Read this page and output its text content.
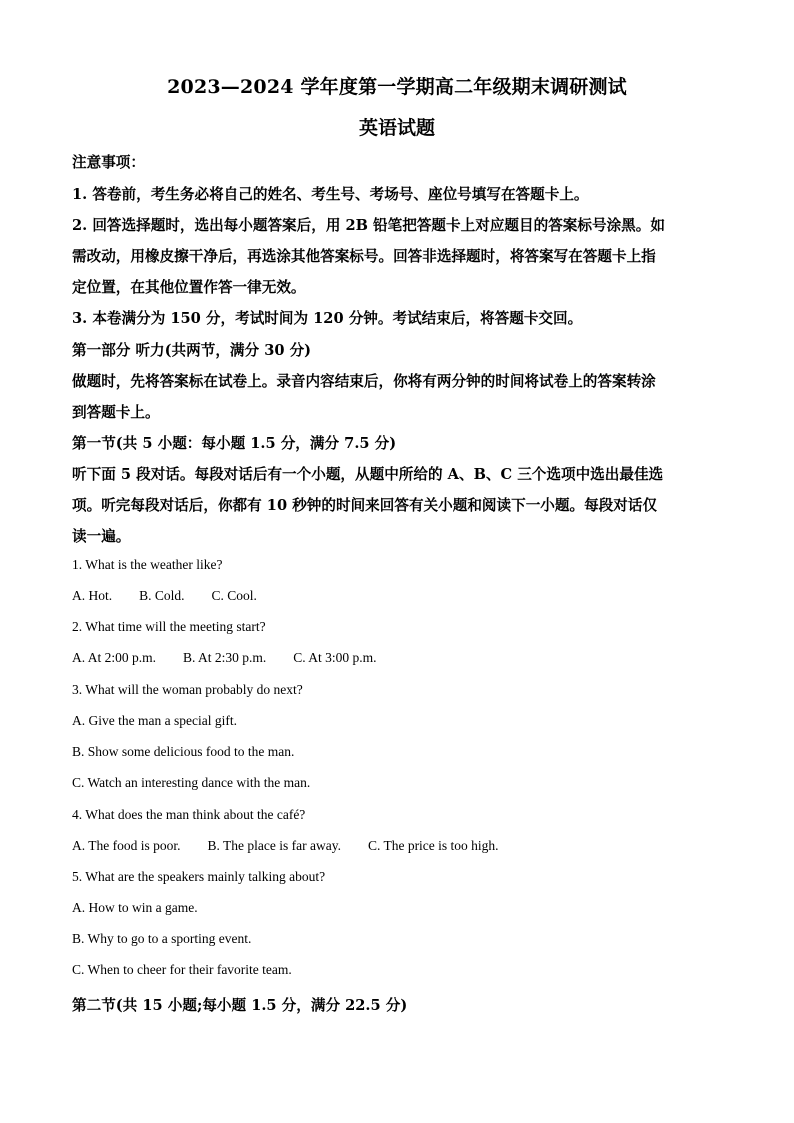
2023—2024 学年度第一学期高二年级期末调研测试
英语试题
注意事项：
1. 答卷前，考生务必将自己的姓名、考生号、考场号、座位号填写在答题卡上。
2. 回答选择题时，选出每小题答案后，用 2B 铅笔把答题卡上对应题目的答案标号涂黑。如
需改动，用橡皮擦干净后，再选涂其他答案标号。回答非选择题时，将答案写在答题卡上指
定位置，在其他位置作答一律无效。
3. 本卷满分为 150 分，考试时间为 120 分钟。考试结束后，将答题卡交回。
第一部分 听力(共两节，满分 30 分)
做题时，先将答案标在试卷上。录音内容结束后，你将有两分钟的时间将试卷上的答案转涂
到答题卡上。
第一节(共 5 小题：每小题 1.5 分，满分 7.5 分)
听下面 5 段对话。每段对话后有一个小题，从题中所给的 A、B、C 三个选项中选出最佳选
项。听完每段对话后，你都有 10 秒钟的时间来回答有关小题和阅读下一小题。每段对话仅
读一遍。
1. What is the weather like?
A. Hot.        B. Cold.        C. Cool.
2. What time will the meeting start?
A. At 2:00 p.m.        B. At 2:30 p.m.        C. At 3:00 p.m.
3. What will the woman probably do next?
A. Give the man a special gift.
B. Show some delicious food to the man.
C. Watch an interesting dance with the man.
4. What does the man think about the café?
A. The food is poor.        B. The place is far away.        C. The price is too high.
5. What are the speakers mainly talking about?
A. How to win a game.
B. Why to go to a sporting event.
C. When to cheer for their favorite team.
第二节(共 15 小题;每小题 1.5 分，满分 22.5 分)
